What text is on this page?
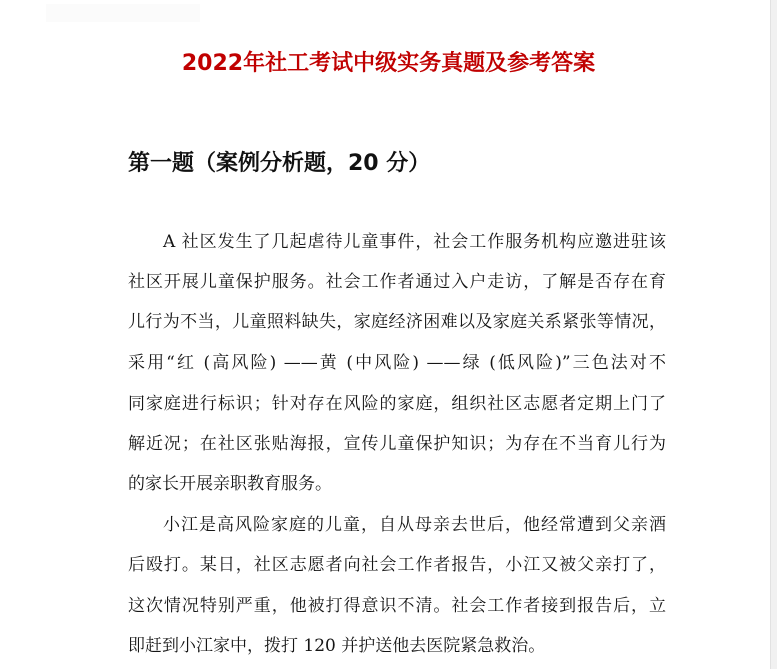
2022年社工考试中级实务真题及参考答案
第一题（案例分析题，20 分）
A 社区发生了几起虐待儿童事件，社会工作服务机构应邀进驻该
社区开展儿童保护服务。社会工作者通过入户走访，了解是否存在育
儿行为不当，儿童照料缺失，家庭经济困难以及家庭关系紧张等情况，
采用“红 (高风险) ——黄 (中风险) ——绿 (低风险)”三色法对不
同家庭进行标识；针对存在风险的家庭，组织社区志愿者定期上门了
解近况；在社区张贴海报，宣传儿童保护知识；为存在不当育儿行为
的家长开展亲职教育服务。
小江是高风险家庭的儿童，自从母亲去世后，他经常遭到父亲酒
后殴打。某日，社区志愿者向社会工作者报告，小江又被父亲打了，
这次情况特别严重，他被打得意识不清。社会工作者接到报告后，立
即赶到小江家中，拨打 120 并护送他去医院紧急救治。
